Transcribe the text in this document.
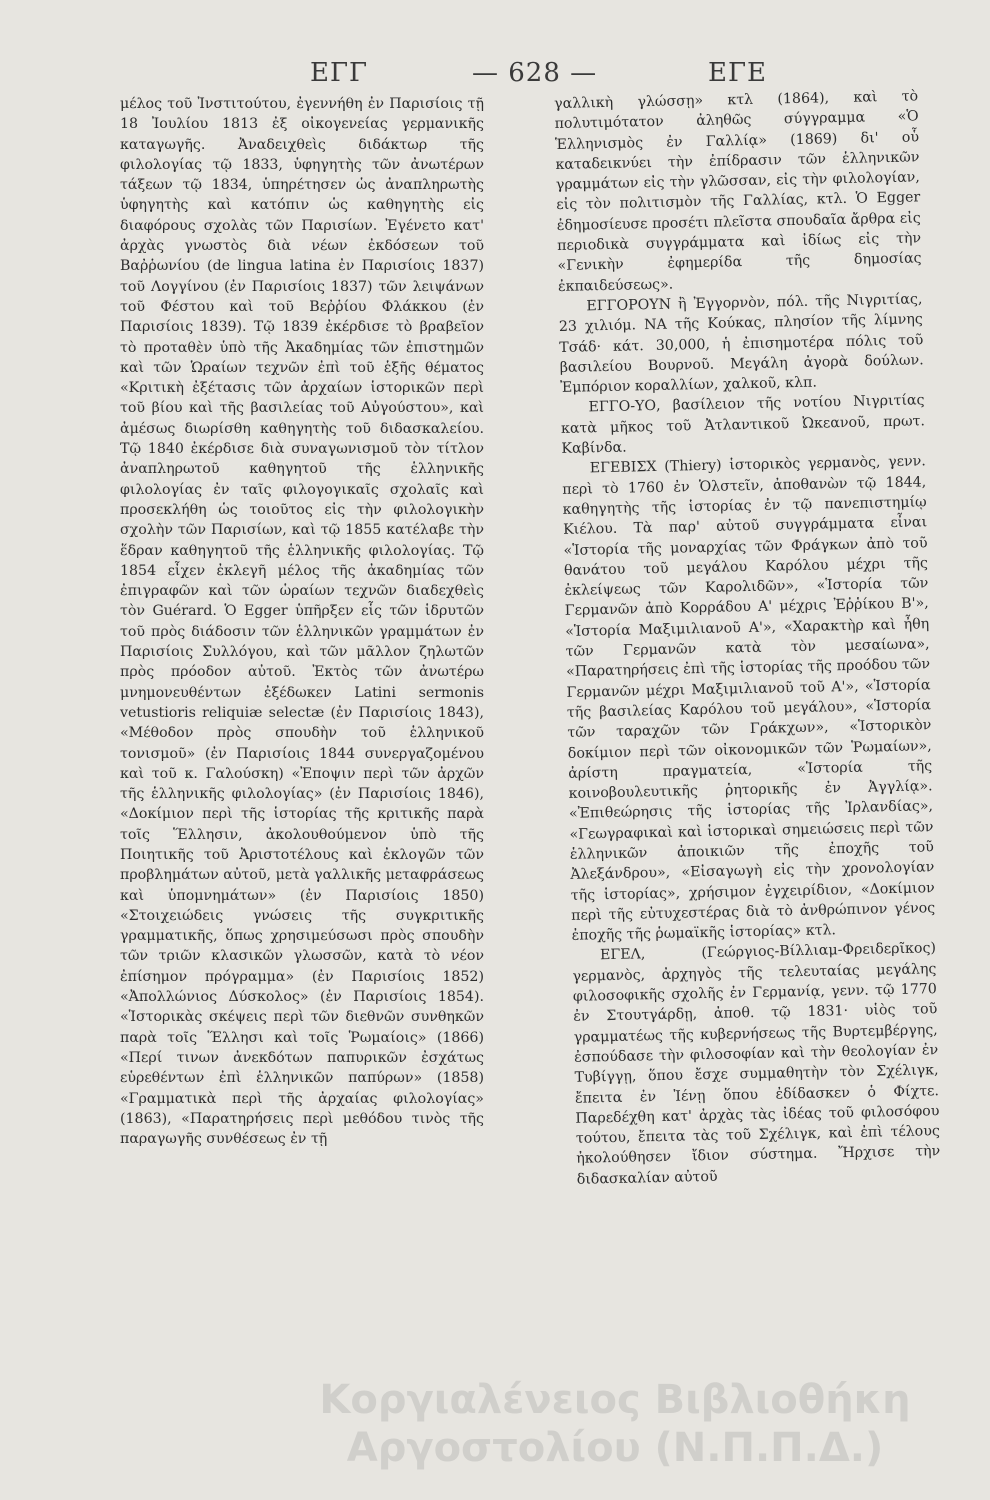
ΕΓΓ	— 628 —	ΕΓΕ

μέλος τοῦ Ἰνστιτούτου, ἐγεννήθη ἐν Παρισίοις τῇ 18 Ἰουλίου 1813 ἐξ οἰκογενείας γερμανικῆς καταγωγῆς. Ἀναδειχθεὶς διδάκτωρ τῆς φιλολογίας τῷ 1833, ὑφηγητὴς τῶν ἀνωτέρων τάξεων τῷ 1834, ὑπηρέτησεν ὡς ἀναπληρωτὴς ὑφηγητὴς καὶ κατόπιν ὡς καθηγητὴς εἰς διαφόρους σχολὰς τῶν Παρισίων. Ἐγένετο κατ' ἀρχὰς γνωστὸς διὰ νέων ἐκδόσεων τοῦ Βαῤῥωνίου (de lingua latina ἐν Παρισίοις 1837) τοῦ Λογγίνου (ἐν Παρισίοις 1837) τῶν λειψάνων τοῦ Φέστου καὶ τοῦ Βεῤῥίου Φλάκκου (ἐν Παρισίοις 1839). Τῷ 1839 ἐκέρδισε τὸ βραβεῖον τὸ προταθὲν ὑπὸ τῆς Ἀκαδημίας τῶν ἐπιστημῶν καὶ τῶν Ὡραίων τεχνῶν ἐπὶ τοῦ ἑξῆς θέματος «Κριτικὴ ἐξέτασις τῶν ἀρχαίων ἱστορικῶν περὶ τοῦ βίου καὶ τῆς βασιλείας τοῦ Αὐγούστου», καὶ ἀμέσως διωρίσθη καθηγητὴς τοῦ διδασκαλείου. Τῷ 1840 ἐκέρδισε διὰ συναγωνισμοῦ τὸν τίτλον ἀναπληρωτοῦ καθηγητοῦ τῆς ἑλληνικῆς φιλολογίας ἐν ταῖς φιλογογικαῖς σχολαῖς καὶ προσεκλήθη ὡς τοιοῦτος εἰς τὴν φιλολογικὴν σχολὴν τῶν Παρισίων, καὶ τῷ 1855 κατέλαβε τὴν ἕδραν καθηγητοῦ τῆς ἑλληνικῆς φιλολογίας. Τῷ 1854 εἶχεν ἐκλεγῆ μέλος τῆς ἀκαδημίας τῶν ἐπιγραφῶν καὶ τῶν ὡραίων τεχνῶν διαδεχθεὶς τὸν Guérard. Ὁ Egger ὑπῆρξεν εἷς τῶν ἱδρυτῶν τοῦ πρὸς διάδοσιν τῶν ἑλληνικῶν γραμμάτων ἐν Παρισίοις Συλλόγου, καὶ τῶν μᾶλλον ζηλωτῶν πρὸς πρόοδον αὐτοῦ. Ἐκτὸς τῶν ἀνωτέρω μνημονευθέντων ἐξέδωκεν Latini sermonis vetustioris reliquiæ selectæ (ἐν Παρισίοις 1843), «Μέθοδον πρὸς σπουδὴν τοῦ ἑλληνικοῦ τονισμοῦ» (ἐν Παρισίοις 1844 συνεργαζομένου καὶ τοῦ κ. Γαλούσκη) «Ἐποψιν περὶ τῶν ἀρχῶν τῆς ἑλληνικῆς φιλολογίας» (ἐν Παρισίοις 1846), «Δοκίμιον περὶ τῆς ἱστορίας τῆς κριτικῆς παρὰ τοῖς Ἕλλησιν, ἀκολουθούμενον ὑπὸ τῆς Ποιητικῆς τοῦ Ἀριστοτέλους καὶ ἐκλογῶν τῶν προβλημάτων αὐτοῦ, μετὰ γαλλικῆς μεταφράσεως καὶ ὑπομνημάτων» (ἐν Παρισίοις 1850) «Στοιχειώδεις γνώσεις τῆς συγκριτικῆς γραμματικῆς, ὅπως χρησιμεύσωσι πρὸς σπουδὴν τῶν τριῶν κλασικῶν γλωσσῶν, κατὰ τὸ νέον ἐπίσημον πρόγραμμα» (ἐν Παρισίοις 1852) «Ἀπολλώνιος Δύσκολος» (ἐν Παρισίοις 1854). «Ἱστορικὰς σκέψεις περὶ τῶν διεθνῶν συνθηκῶν παρὰ τοῖς Ἕλλησι καὶ τοῖς Ῥωμαίοις» (1866) «Περί τινων ἀνεκδότων παπυρικῶν ἐσχάτως εὑρεθέντων ἐπὶ ἑλληνικῶν παπύρων» (1858) «Γραμματικὰ περὶ τῆς ἀρχαίας φιλολογίας» (1863), «Παρατηρήσεις περὶ μεθόδου τινὸς τῆς παραγωγῆς συνθέσεως ἐν τῇ

γαλλικὴ γλώσσῃ» κτλ (1864), καὶ τὸ πολυτιμότατον ἀληθῶς σύγγραμμα «Ὁ Ἑλληνισμὸς ἐν Γαλλίᾳ» (1869) δι' οὗ καταδεικνύει τὴν ἐπίδρασιν τῶν ἑλληνικῶν γραμμάτων εἰς τὴν γλῶσσαν, εἰς τὴν φιλολογίαν, εἰς τὸν πολιτισμὸν τῆς Γαλλίας, κτλ. Ὁ Egger ἐδημοσίευσε προσέτι πλεῖστα σπουδαῖα ἄρθρα εἰς περιοδικὰ συγγράμματα καὶ ἰδίως εἰς τὴν «Γενικὴν ἐφημερίδα τῆς δημοσίας ἐκπαιδεύσεως».

ΕΓΓΟΡΟΥΝ ἢ Ἐγγορνὸν, πόλ. τῆς Νιγριτίας, 23 χιλιόμ. ΝΑ τῆς Κούκας, πλησίον τῆς λίμνης Τσάδ· κάτ. 30,000, ἡ ἐπισημοτέρα πόλις τοῦ βασιλείου Βουρνοῦ. Μεγάλη ἀγορὰ δούλων. Ἐμπόριον κοραλλίων, χαλκοῦ, κλπ.

ΕΓΓΟ-ΥΟ, βασίλειον τῆς νοτίου Νιγριτίας κατὰ μῆκος τοῦ Ἀτλαντικοῦ Ὠκεανοῦ, πρωτ. Καβίνδα.

ΕΓΕΒΙΣΧ (Thiery) ἱστορικὸς γερμανὸς, γενν. περὶ τὸ 1760 ἐν Ὁλστεῖν, ἀποθανὼν τῷ 1844, καθηγητὴς τῆς ἱστορίας ἐν τῷ πανεπιστημίῳ Κιέλου. Τὰ παρ' αὐτοῦ συγγράμματα εἶναι «Ἱστορία τῆς μοναρχίας τῶν Φράγκων ἀπὸ τοῦ θανάτου τοῦ μεγάλου Καρόλου μέχρι τῆς ἐκλείψεως τῶν Καρολιδῶν», «Ἱστορία τῶν Γερμανῶν ἀπὸ Κορράδου Α' μέχρις Ἐῤῥίκου Β'», «Ἱστορία Μαξιμιλιανοῦ Α'», «Χαρακτὴρ καὶ ἦθη τῶν Γερμανῶν κατὰ τὸν μεσαίωνα», «Παρατηρήσεις ἐπὶ τῆς ἱστορίας τῆς προόδου τῶν Γερμανῶν μέχρι Μαξιμιλιανοῦ τοῦ Α'», «Ἱστορία τῆς βασιλείας Καρόλου τοῦ μεγάλου», «Ἱστορία τῶν ταραχῶν τῶν Γράκχων», «Ἱστορικὸν δοκίμιον περὶ τῶν οἰκονομικῶν τῶν Ῥωμαίων», ἀρίστη πραγματεία, «Ἱστορία τῆς κοινοβουλευτικῆς ῥητορικῆς ἐν Ἀγγλίᾳ». «Ἐπιθεώρησις τῆς ἱστορίας τῆς Ἰρλανδίας», «Γεωγραφικαὶ καὶ ἱστορικαὶ σημειώσεις περὶ τῶν ἑλληνικῶν ἀποικιῶν τῆς ἐποχῆς τοῦ Ἀλεξάνδρου», «Εἰσαγωγὴ εἰς τὴν χρονολογίαν τῆς ἱστορίας», χρήσιμον ἐγχειρίδιον, «Δοκίμιον περὶ τῆς εὐτυχεστέρας διὰ τὸ ἀνθρώπινον γένος ἐποχῆς τῆς ῥωμαϊκῆς ἱστορίας» κτλ.

ΕΓΕΛ, (Γεώργιος-Βίλλιαμ-Φρειδερῖκος) γερμανὸς, ἀρχηγὸς τῆς τελευταίας μεγάλης φιλοσοφικῆς σχολῆς ἐν Γερμανίᾳ, γενν. τῷ 1770 ἐν Στουτγάρδῃ, ἀποθ. τῷ 1831· υἱὸς τοῦ γραμματέως τῆς κυβερνήσεως τῆς Βυρτεμβέργης, ἐσπούδασε τὴν φιλοσοφίαν καὶ τὴν θεολογίαν ἐν Τυβίγγῃ, ὅπου ἔσχε συμμαθητὴν τὸν Σχέλιγκ, ἔπειτα ἐν Ἰένῃ ὅπου ἐδίδασκεν ὁ Φίχτε. Παρεδέχθη κατ' ἀρχὰς τὰς ἰδέας τοῦ φιλοσόφου τούτου, ἔπειτα τὰς τοῦ Σχέλιγκ, καὶ ἐπὶ τέλους ἠκολούθησεν ἴδιον σύστημα. Ἤρχισε τὴν διδασκαλίαν αὐτοῦ

Κοργιαλένειος Βιβλιοθήκη
Αργοστολίου (Ν.Π.Π.Δ.)
